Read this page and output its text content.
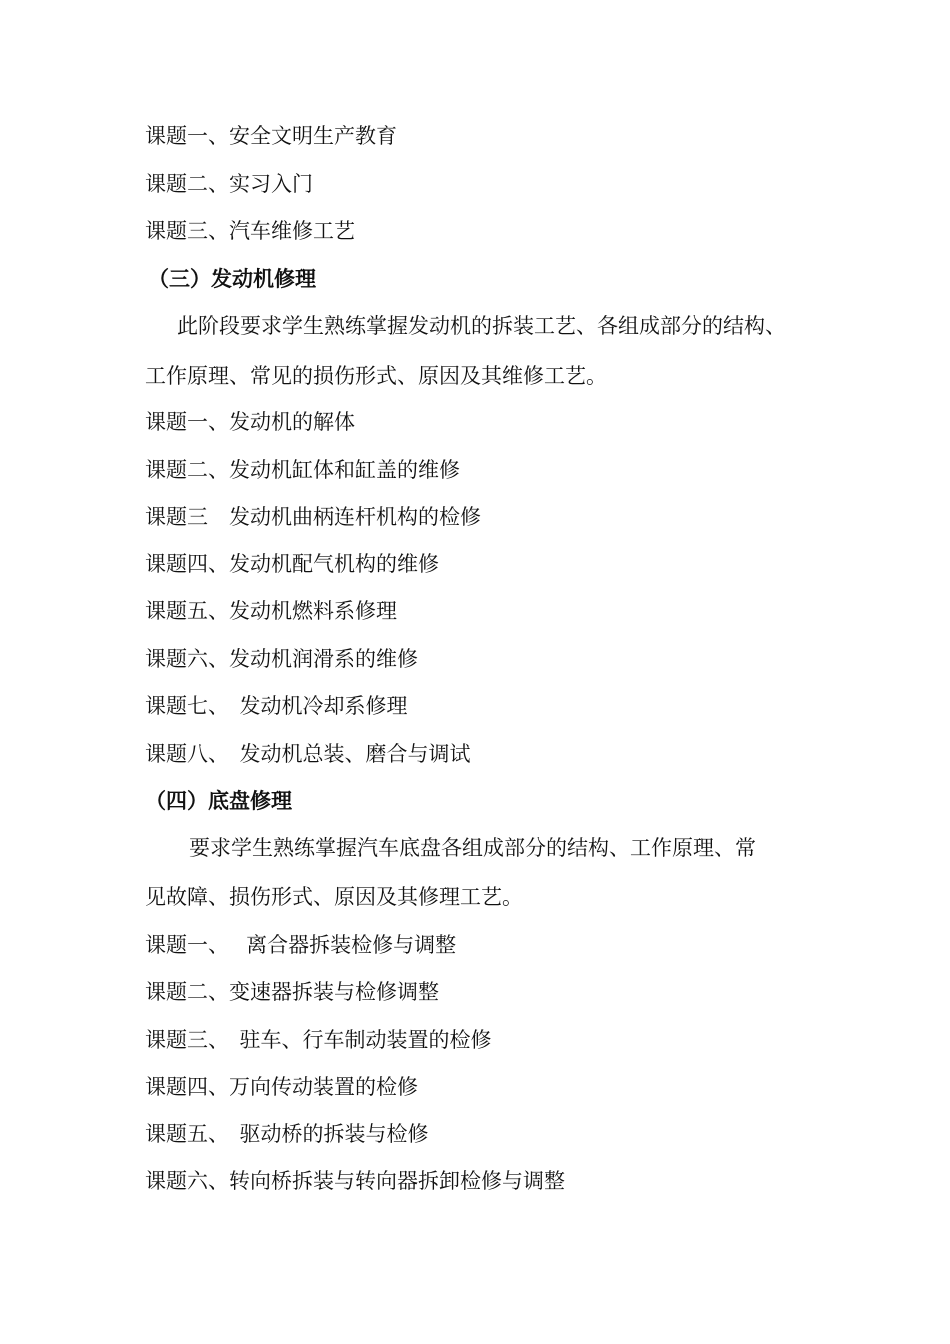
课题一、安全文明生产教育

课题二、实习入门

课题三、汽车维修工艺

（三）发动机修理

此阶段要求学生熟练掌握发动机的拆装工艺、各组成部分的结构、

工作原理、常见的损伤形式、原因及其维修工艺。

课题一、发动机的解体

课题二、发动机缸体和缸盖的维修

课题三　发动机曲柄连杆机构的检修

课题四、发动机配气机构的维修

课题五、发动机燃料系修理

课题六、发动机润滑系的维修

课题七、　发动机冷却系修理

课题八、　发动机总装、磨合与调试

（四）底盘修理

要求学生熟练掌握汽车底盘各组成部分的结构、工作原理、常

见故障、损伤形式、原因及其修理工艺。

课题一、　 离合器拆装检修与调整

课题二、变速器拆装与检修调整

课题三、　驻车、行车制动装置的检修

课题四、万向传动装置的检修

课题五、　驱动桥的拆装与检修

课题六、转向桥拆装与转向器拆卸检修与调整
